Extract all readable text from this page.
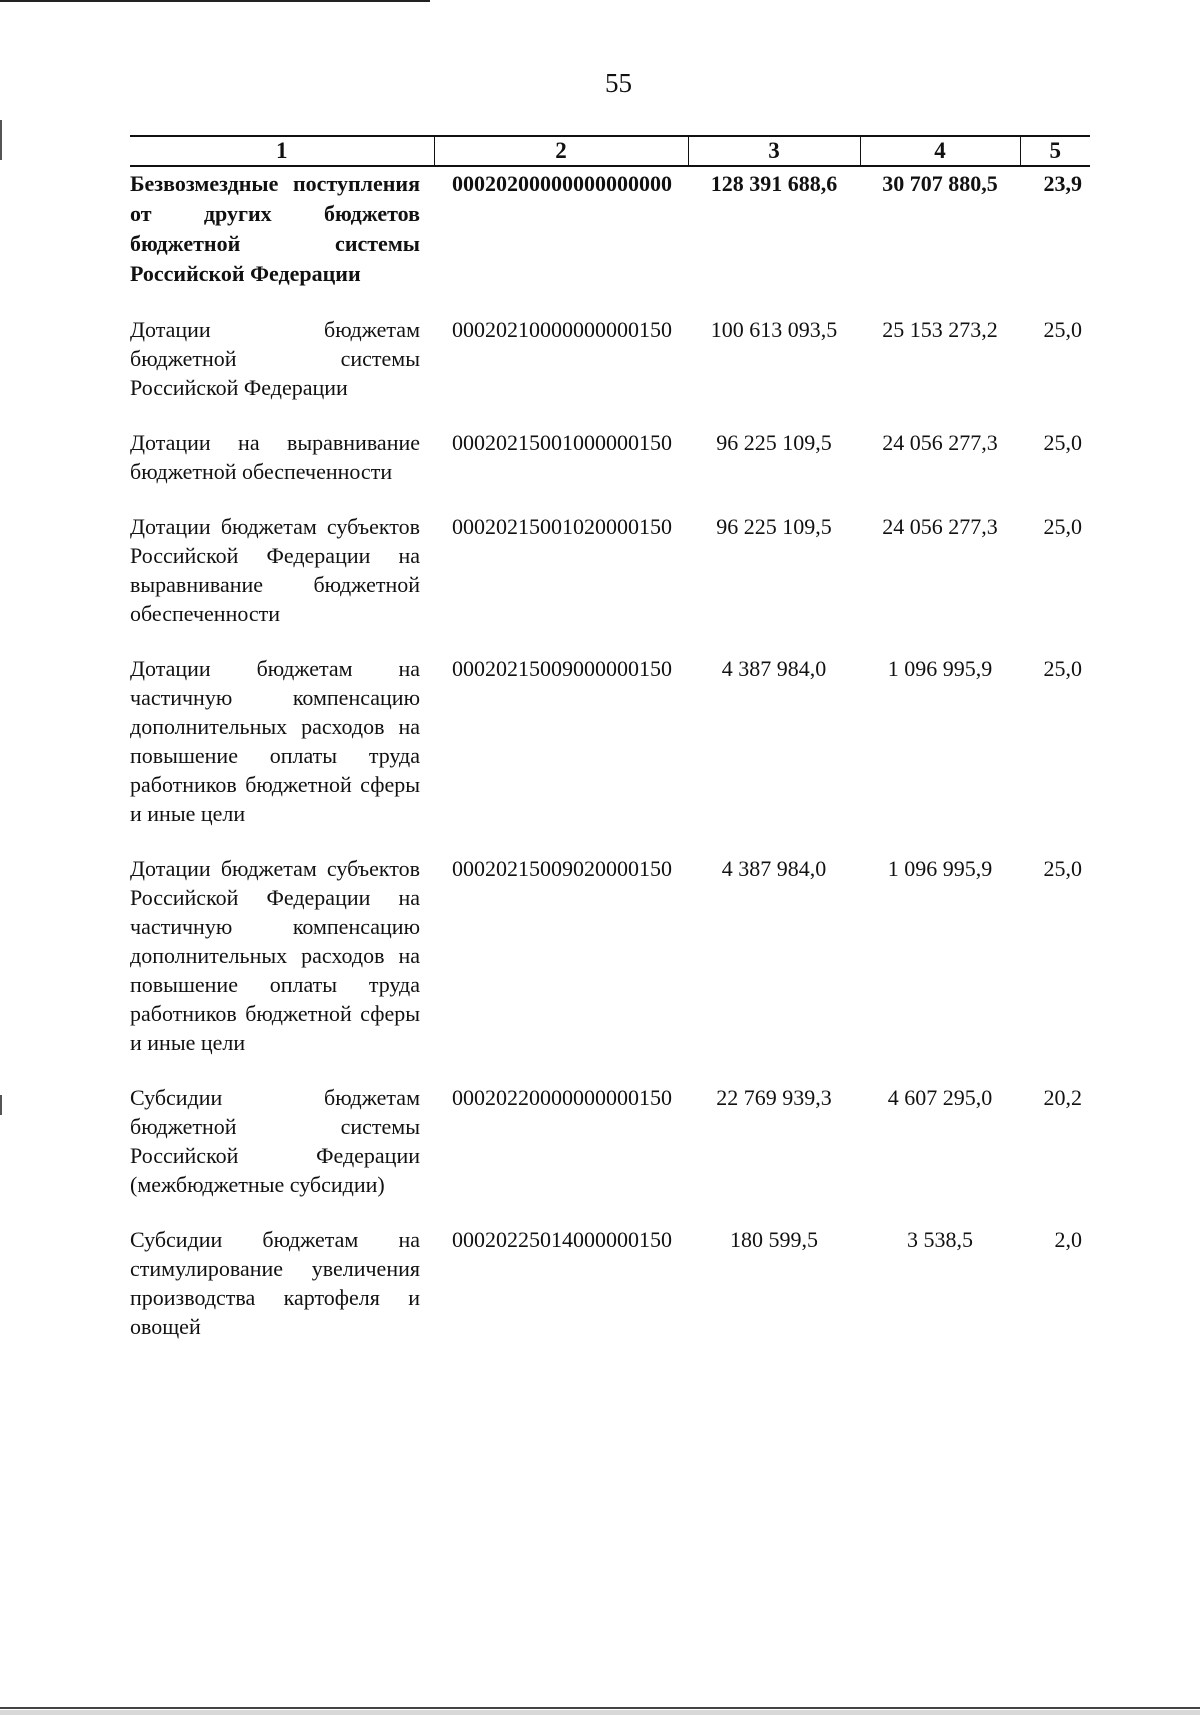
55
1	2	3	4	5
Безвозмездные поступления от других бюджетов бюджетной системы Российской Федерации	00020200000000000000	128 391 688,6	30 707 880,5	23,9
Дотации бюджетам бюджетной системы Российской Федерации	00020210000000000150	100 613 093,5	25 153 273,2	25,0
Дотации на выравнивание бюджетной обеспеченности	00020215001000000150	96 225 109,5	24 056 277,3	25,0
Дотации бюджетам субъектов Российской Федерации на выравнивание бюджетной обеспеченности	00020215001020000150	96 225 109,5	24 056 277,3	25,0
Дотации бюджетам на частичную компенсацию дополнительных расходов на повышение оплаты труда работников бюджетной сферы и иные цели	00020215009000000150	4 387 984,0	1 096 995,9	25,0
Дотации бюджетам субъектов Российской Федерации на частичную компенсацию дополнительных расходов на повышение оплаты труда работников бюджетной сферы и иные цели	00020215009020000150	4 387 984,0	1 096 995,9	25,0
Субсидии бюджетам бюджетной системы Российской Федерации (межбюджетные субсидии)	00020220000000000150	22 769 939,3	4 607 295,0	20,2
Субсидии бюджетам на стимулирование увеличения производства картофеля и овощей	00020225014000000150	180 599,5	3 538,5	2,0
